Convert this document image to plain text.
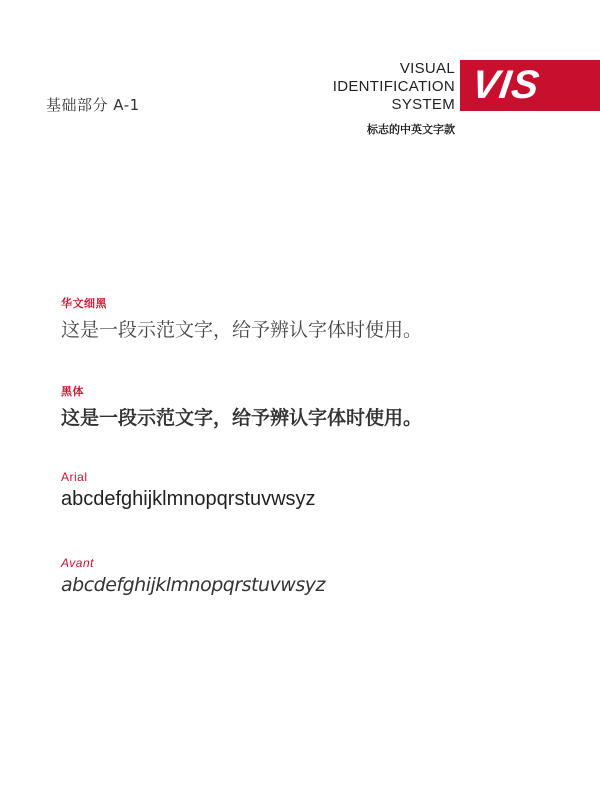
基础部分 A-1
VISUAL
IDENTIFICATION
SYSTEM VIS
标志的中英文字款
华文细黑
这是一段示范文字，给予辨认字体时使用。
黑体
这是一段示范文字，给予辨认字体时使用。
Arial
abcdefghijklmnopqrstuvwsyz
Avant
abcdefghijklmnopqrstuvwsyz
